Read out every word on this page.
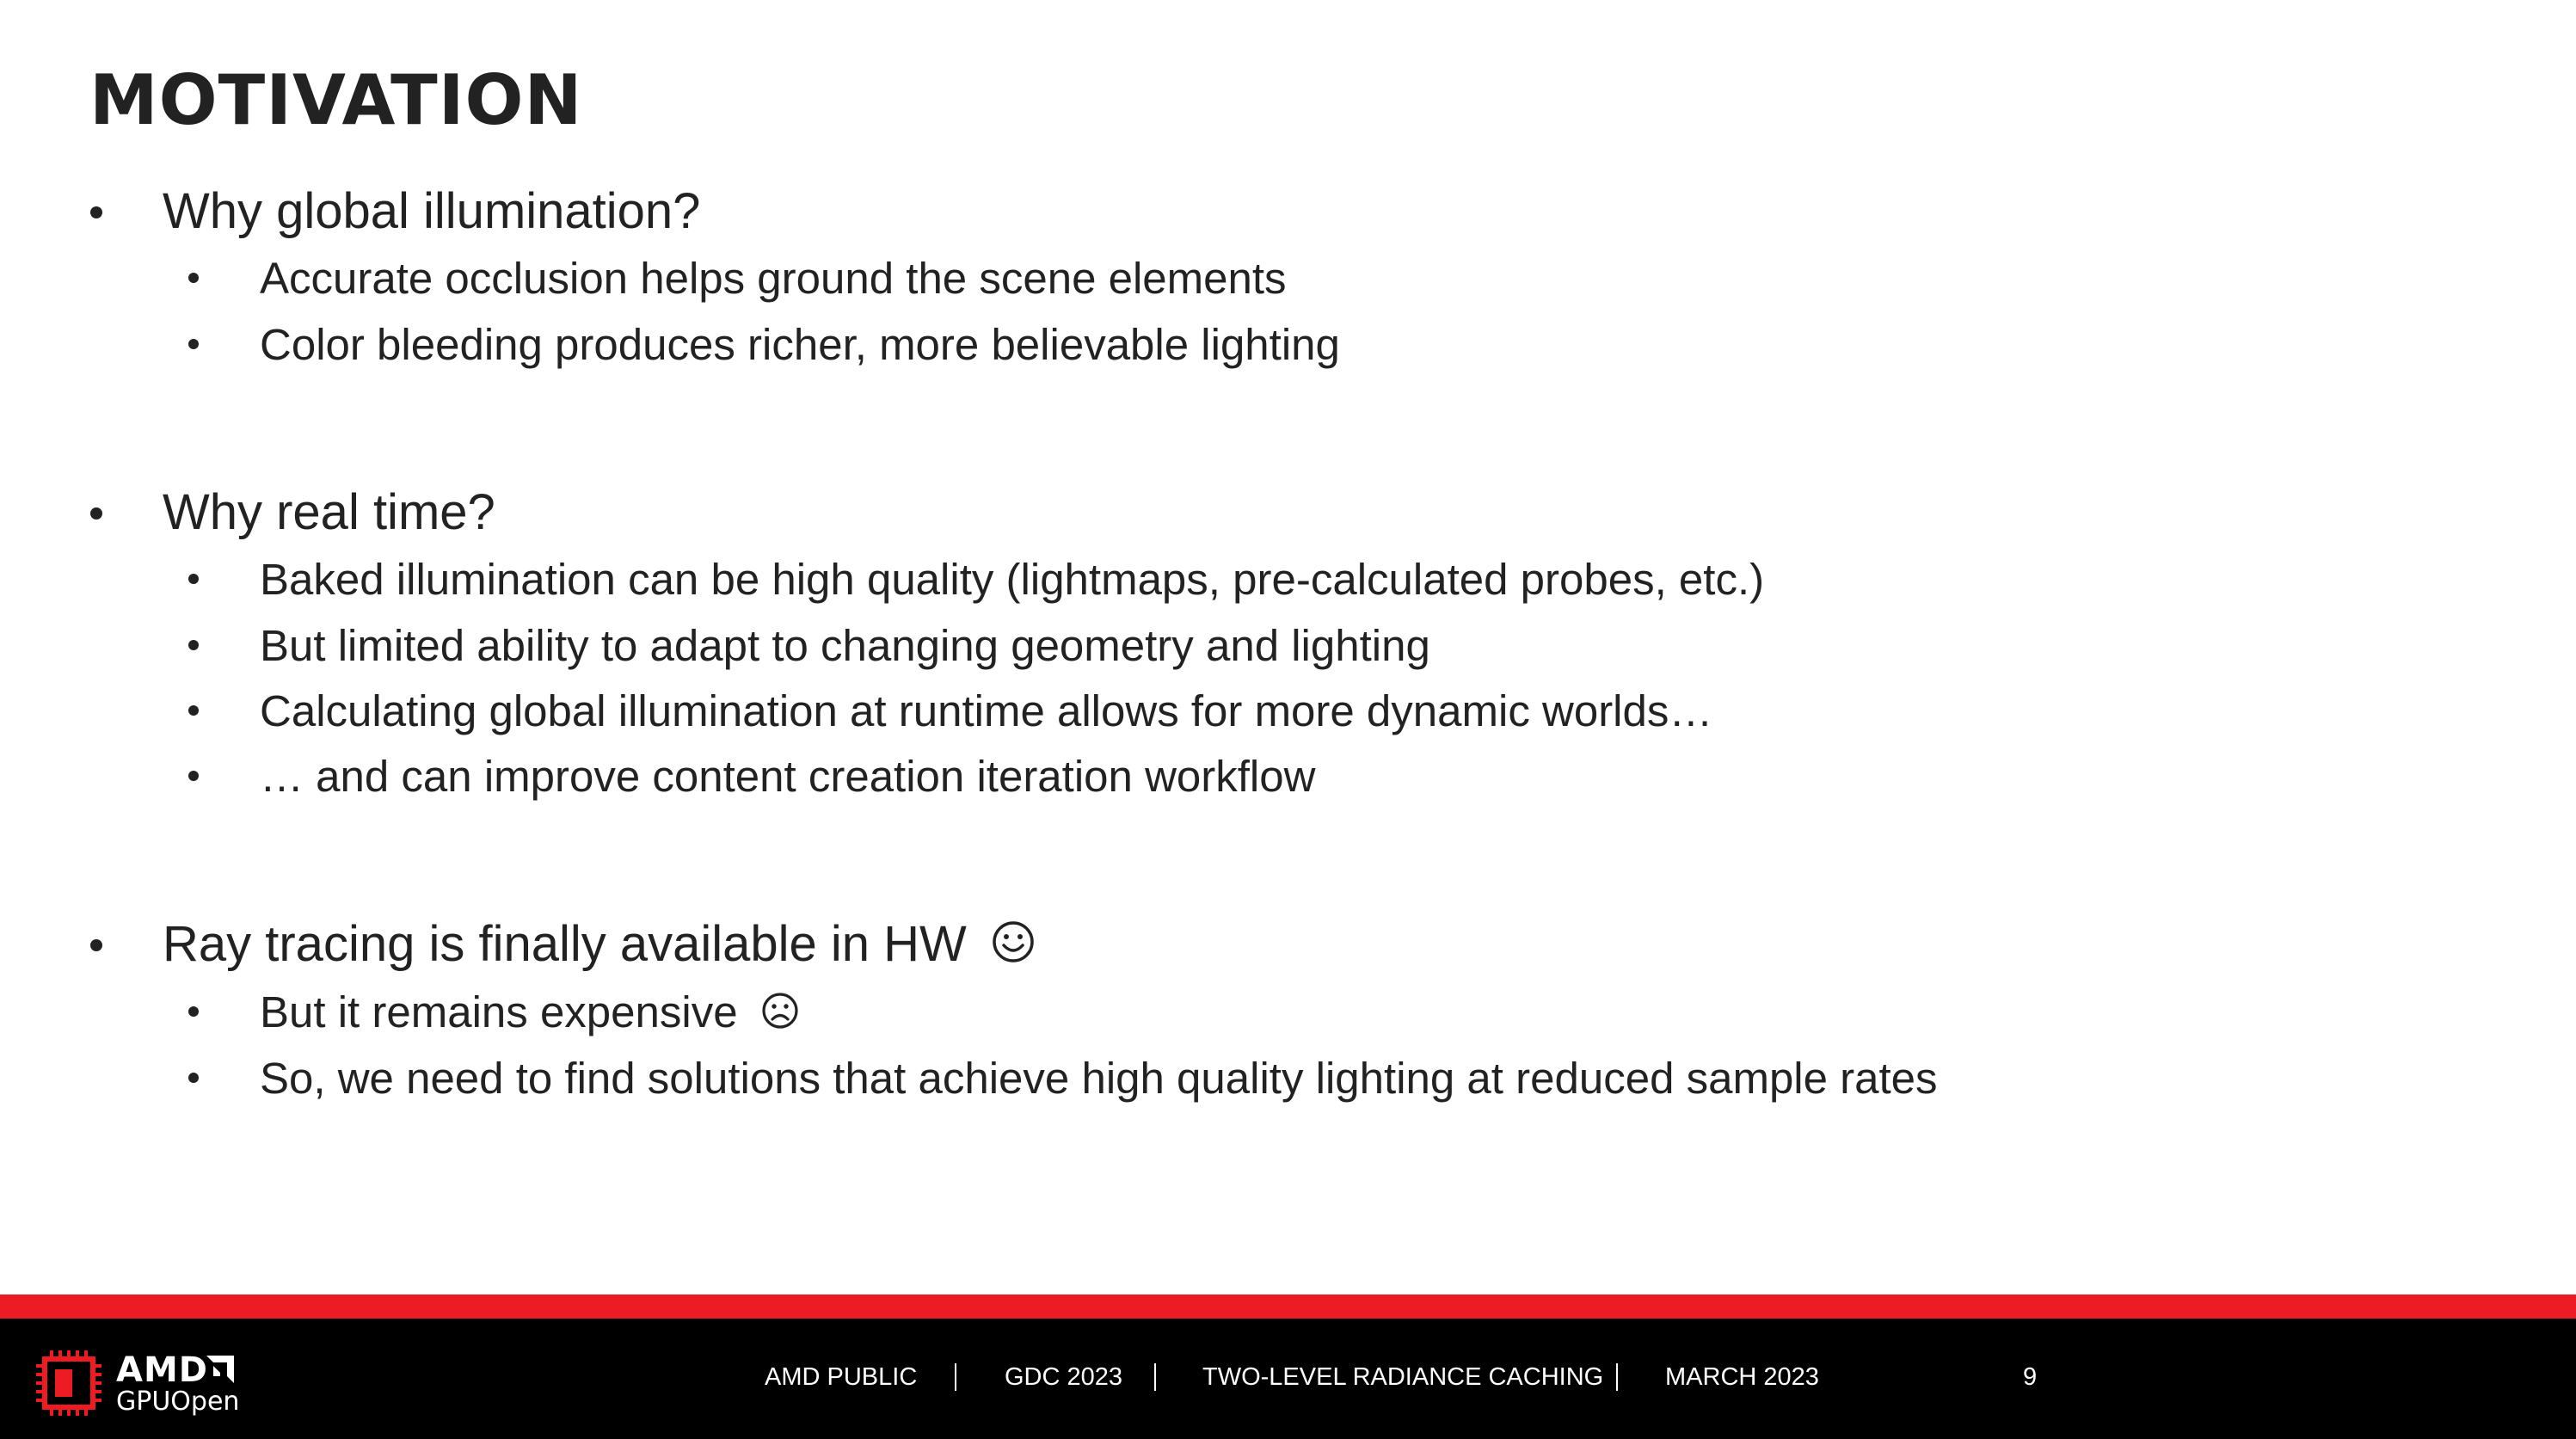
MOTIVATION
Why global illumination?
Accurate occlusion helps ground the scene elements
Color bleeding produces richer, more believable lighting
Why real time?
Baked illumination can be high quality (lightmaps, pre-calculated probes, etc.)
But limited ability to adapt to changing geometry and lighting
Calculating global illumination at runtime allows for more dynamic worlds…
… and can improve content creation iteration workflow
Ray tracing is finally available in HW
But it remains expensive
So, we need to find solutions that achieve high quality lighting at reduced sample rates
AMD
GPUOpen
AMD PUBLIC	GDC 2023	TWO-LEVEL RADIANCE CACHING MARCH 2023	9
